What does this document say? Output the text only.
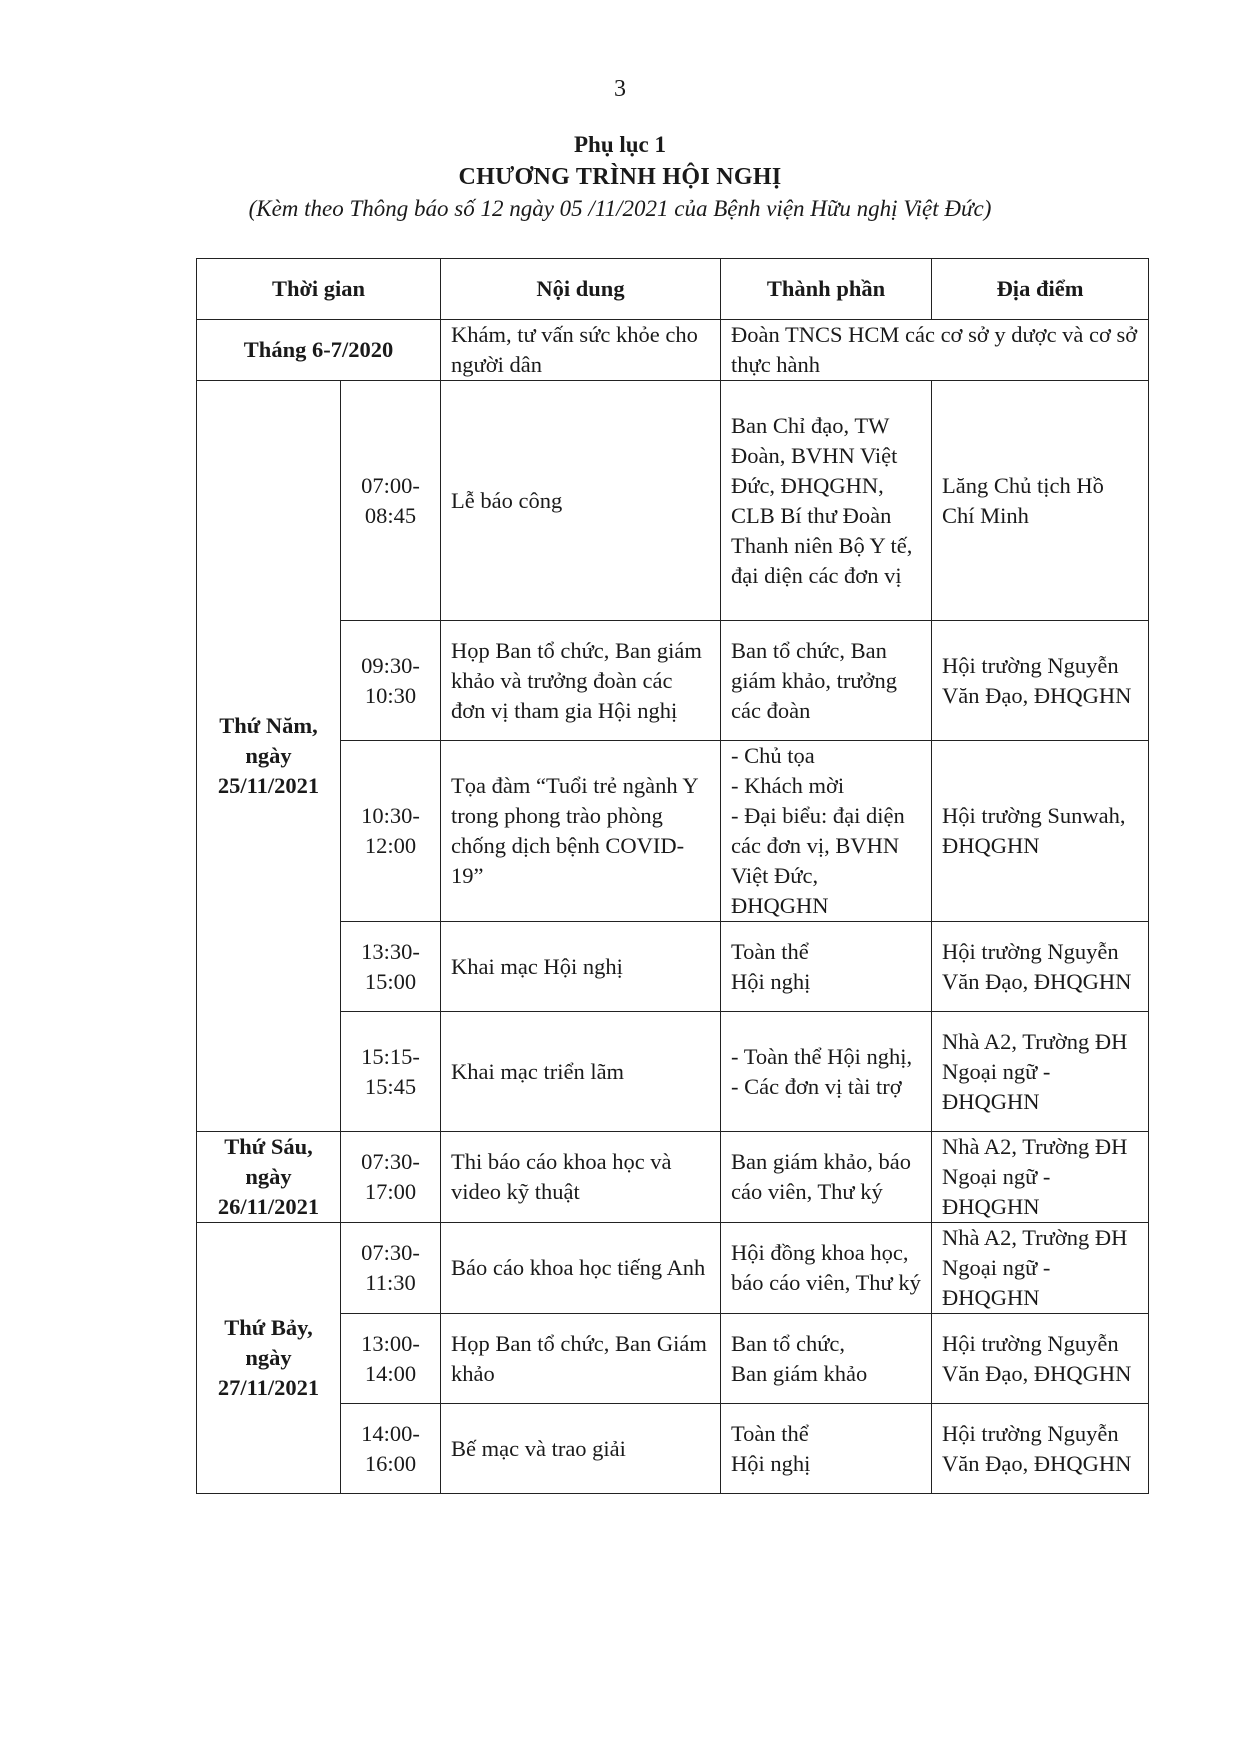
3
Phụ lục 1
CHƯƠNG TRÌNH HỘI NGHỊ
(Kèm theo Thông báo số 12 ngày 05 /11/2021 của Bệnh viện Hữu nghị Việt Đức)
Thời gian		Nội dung	Thành phần	Địa điểm
Tháng 6-7/2020		Khám, tư vấn sức khỏe cho người dân	Đoàn TNCS HCM các cơ sở y dược và cơ sở thực hành	
Thứ Năm,
ngày
25/11/2021	07:00-
08:45	Lễ báo công	Ban Chỉ đạo, TW Đoàn, BVHN Việt Đức, ĐHQGHN, CLB Bí thư Đoàn Thanh niên Bộ Y tế, đại diện các đơn vị	Lăng Chủ tịch Hồ Chí Minh
	09:30-
10:30	Họp Ban tổ chức, Ban giám khảo và trưởng đoàn các đơn vị tham gia Hội nghị	Ban tổ chức, Ban giám khảo, trưởng các đoàn	Hội trường Nguyễn Văn Đạo, ĐHQGHN
	10:30-
12:00	Tọa đàm “Tuổi trẻ ngành Y trong phong trào phòng chống dịch bệnh COVID-19”	- Chủ tọa
- Khách mời
- Đại biểu: đại diện các đơn vị, BVHN Việt Đức, ĐHQGHN	Hội trường Sunwah, ĐHQGHN
	13:30-
15:00	Khai mạc Hội nghị	Toàn thể
Hội nghị	Hội trường Nguyễn Văn Đạo, ĐHQGHN
	15:15-
15:45	Khai mạc triển lãm	- Toàn thể Hội nghị,
- Các đơn vị tài trợ	Nhà A2, Trường ĐH Ngoại ngữ - ĐHQGHN
Thứ Sáu,
ngày
26/11/2021	07:30-
17:00	Thi báo cáo khoa học và video kỹ thuật	Ban giám khảo, báo cáo viên, Thư ký	Nhà A2, Trường ĐH Ngoại ngữ - ĐHQGHN
Thứ Bảy,
ngày
27/11/2021	07:30-
11:30	Báo cáo khoa học tiếng Anh	Hội đồng khoa học, báo cáo viên, Thư ký	Nhà A2, Trường ĐH Ngoại ngữ - ĐHQGHN
	13:00-
14:00	Họp Ban tổ chức, Ban Giám khảo	Ban tổ chức,
Ban giám khảo	Hội trường Nguyễn Văn Đạo, ĐHQGHN
	14:00-
16:00	Bế mạc và trao giải	Toàn thể
Hội nghị	Hội trường Nguyễn Văn Đạo, ĐHQGHN
